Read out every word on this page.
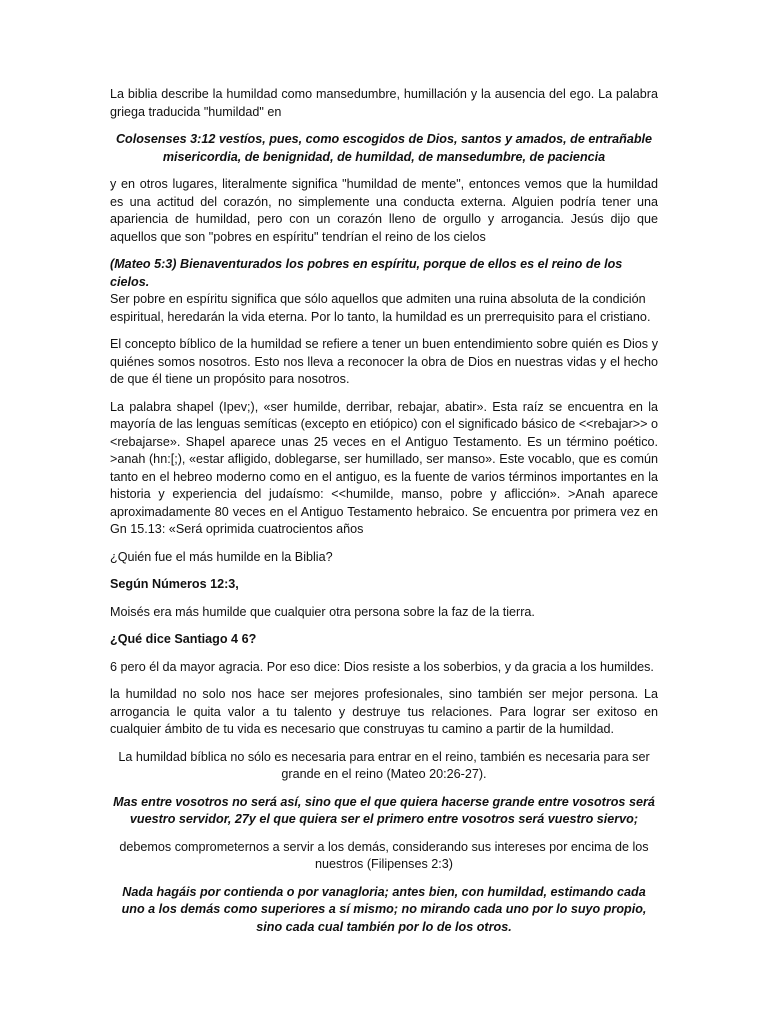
La biblia describe la humildad como mansedumbre, humillación y la ausencia del ego. La palabra griega traducida "humildad" en

Colosenses 3:12 vestíos, pues, como escogidos de Dios, santos y amados, de entrañable misericordia, de benignidad, de humildad, de mansedumbre, de paciencia

y en otros lugares, literalmente significa "humildad de mente", entonces vemos que la humildad es una actitud del corazón, no simplemente una conducta externa. Alguien podría tener una apariencia de humildad, pero con un corazón lleno de orgullo y arrogancia. Jesús dijo que aquellos que son "pobres en espíritu" tendrían el reino de los cielos

(Mateo 5:3) Bienaventurados los pobres en espíritu, porque de ellos es el reino de los cielos.
Ser pobre en espíritu significa que sólo aquellos que admiten una ruina absoluta de la condición espiritual, heredarán la vida eterna. Por lo tanto, la humildad es un prerrequisito para el cristiano.

El concepto bíblico de la humildad se refiere a tener un buen entendimiento sobre quién es Dios y quiénes somos nosotros. Esto nos lleva a reconocer la obra de Dios en nuestras vidas y el hecho de que él tiene un propósito para nosotros.

La palabra shapel (Ipev;), «ser humilde, derribar, rebajar, abatir». Esta raíz se encuentra en la mayoría de las lenguas semíticas (excepto en etiópico) con el significado básico de <<rebajar>> o <rebajarse». Shapel aparece unas 25 veces en el Antiguo Testamento. Es un término poético. >anah (hn:[;), «estar afligido, doblegarse, ser humillado, ser manso». Este vocablo, que es común tanto en el hebreo moderno como en el antiguo, es la fuente de varios términos importantes en la historia y experiencia del judaísmo: <<humilde, manso, pobre y aflicción». >Anah aparece aproximadamente 80 veces en el Antiguo Testamento hebraico. Se encuentra por primera vez en Gn 15.13: «Será oprimida cuatrocientos años

¿Quién fue el más humilde en la Biblia?

Según Números 12:3,

Moisés era más humilde que cualquier otra persona sobre la faz de la tierra.

¿Qué dice Santiago 4 6?

6 pero él da mayor agracia. Por eso dice: Dios resiste a los soberbios, y da gracia a los humildes.

la humildad no solo nos hace ser mejores profesionales, sino también ser mejor persona. La arrogancia le quita valor a tu talento y destruye tus relaciones. Para lograr ser exitoso en cualquier ámbito de tu vida es necesario que construyas tu camino a partir de la humildad.

La humildad bíblica no sólo es necesaria para entrar en el reino, también es necesaria para ser grande en el reino (Mateo 20:26-27).

Mas entre vosotros no será así, sino que el que quiera hacerse grande entre vosotros será vuestro servidor, 27y el que quiera ser el primero entre vosotros será vuestro siervo;

debemos comprometernos a servir a los demás, considerando sus intereses por encima de los nuestros (Filipenses 2:3)

Nada hagáis por contienda o por vanagloria; antes bien, con humildad, estimando cada uno a los demás como superiores a sí mismo; no mirando cada uno por lo suyo propio, sino cada cual también por lo de los otros.
